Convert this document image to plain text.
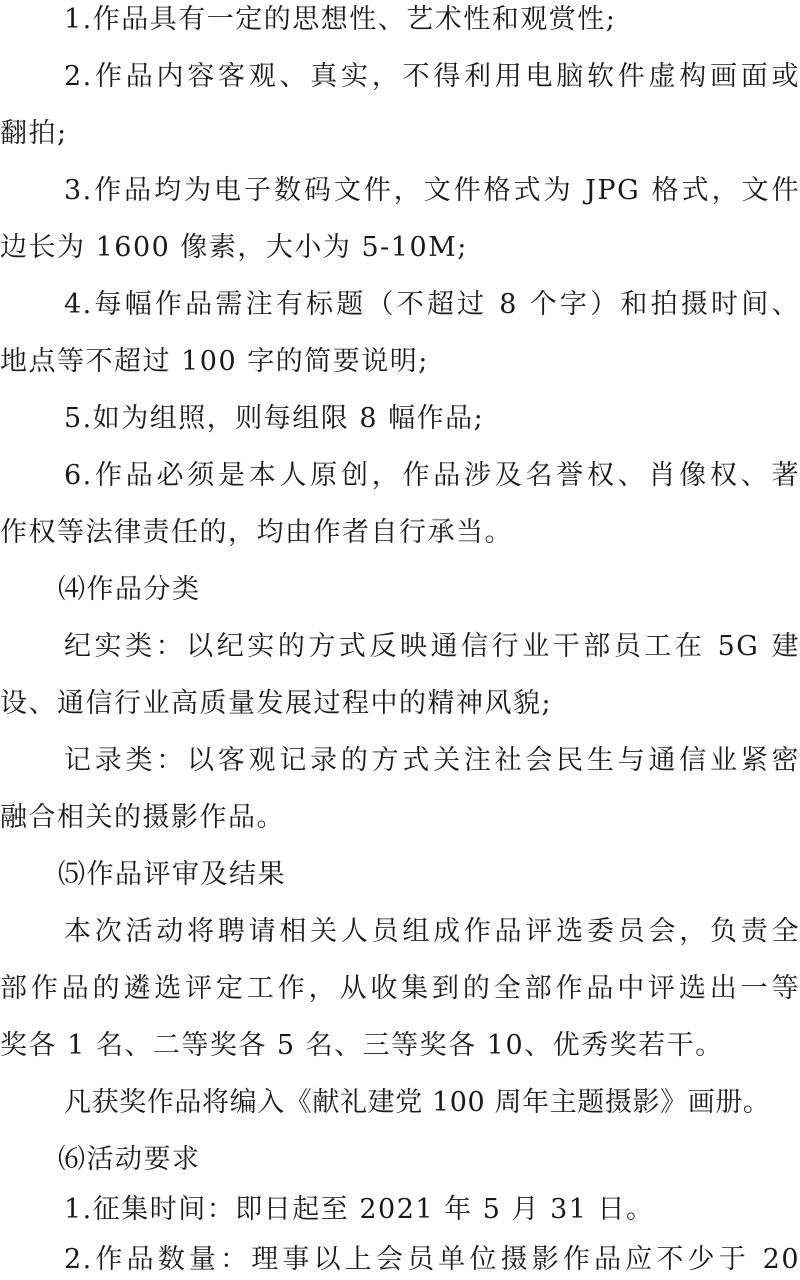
1.作品具有一定的思想性、艺术性和观赏性;
2.作品内容客观、真实，不得利用电脑软件虚构画面或
翻拍;
3.作品均为电子数码文件，文件格式为 JPG 格式，文件
边长为 1600 像素，大小为 5-10M;
4.每幅作品需注有标题（不超过 8 个字）和拍摄时间、
地点等不超过 100 字的简要说明;
5.如为组照，则每组限 8 幅作品;
6.作品必须是本人原创，作品涉及名誉权、肖像权、著
作权等法律责任的，均由作者自行承当。
⑷作品分类
纪实类：以纪实的方式反映通信行业干部员工在 5G 建
设、通信行业高质量发展过程中的精神风貌;
记录类：以客观记录的方式关注社会民生与通信业紧密
融合相关的摄影作品。
⑸作品评审及结果
本次活动将聘请相关人员组成作品评选委员会，负责全
部作品的遴选评定工作，从收集到的全部作品中评选出一等
奖各 1 名、二等奖各 5 名、三等奖各 10、优秀奖若干。
凡获奖作品将编入《献礼建党 100 周年主题摄影》画册。
⑹活动要求
1.征集时间：即日起至 2021 年 5 月 31 日。
2.作品数量：理事以上会员单位摄影作品应不少于 20
